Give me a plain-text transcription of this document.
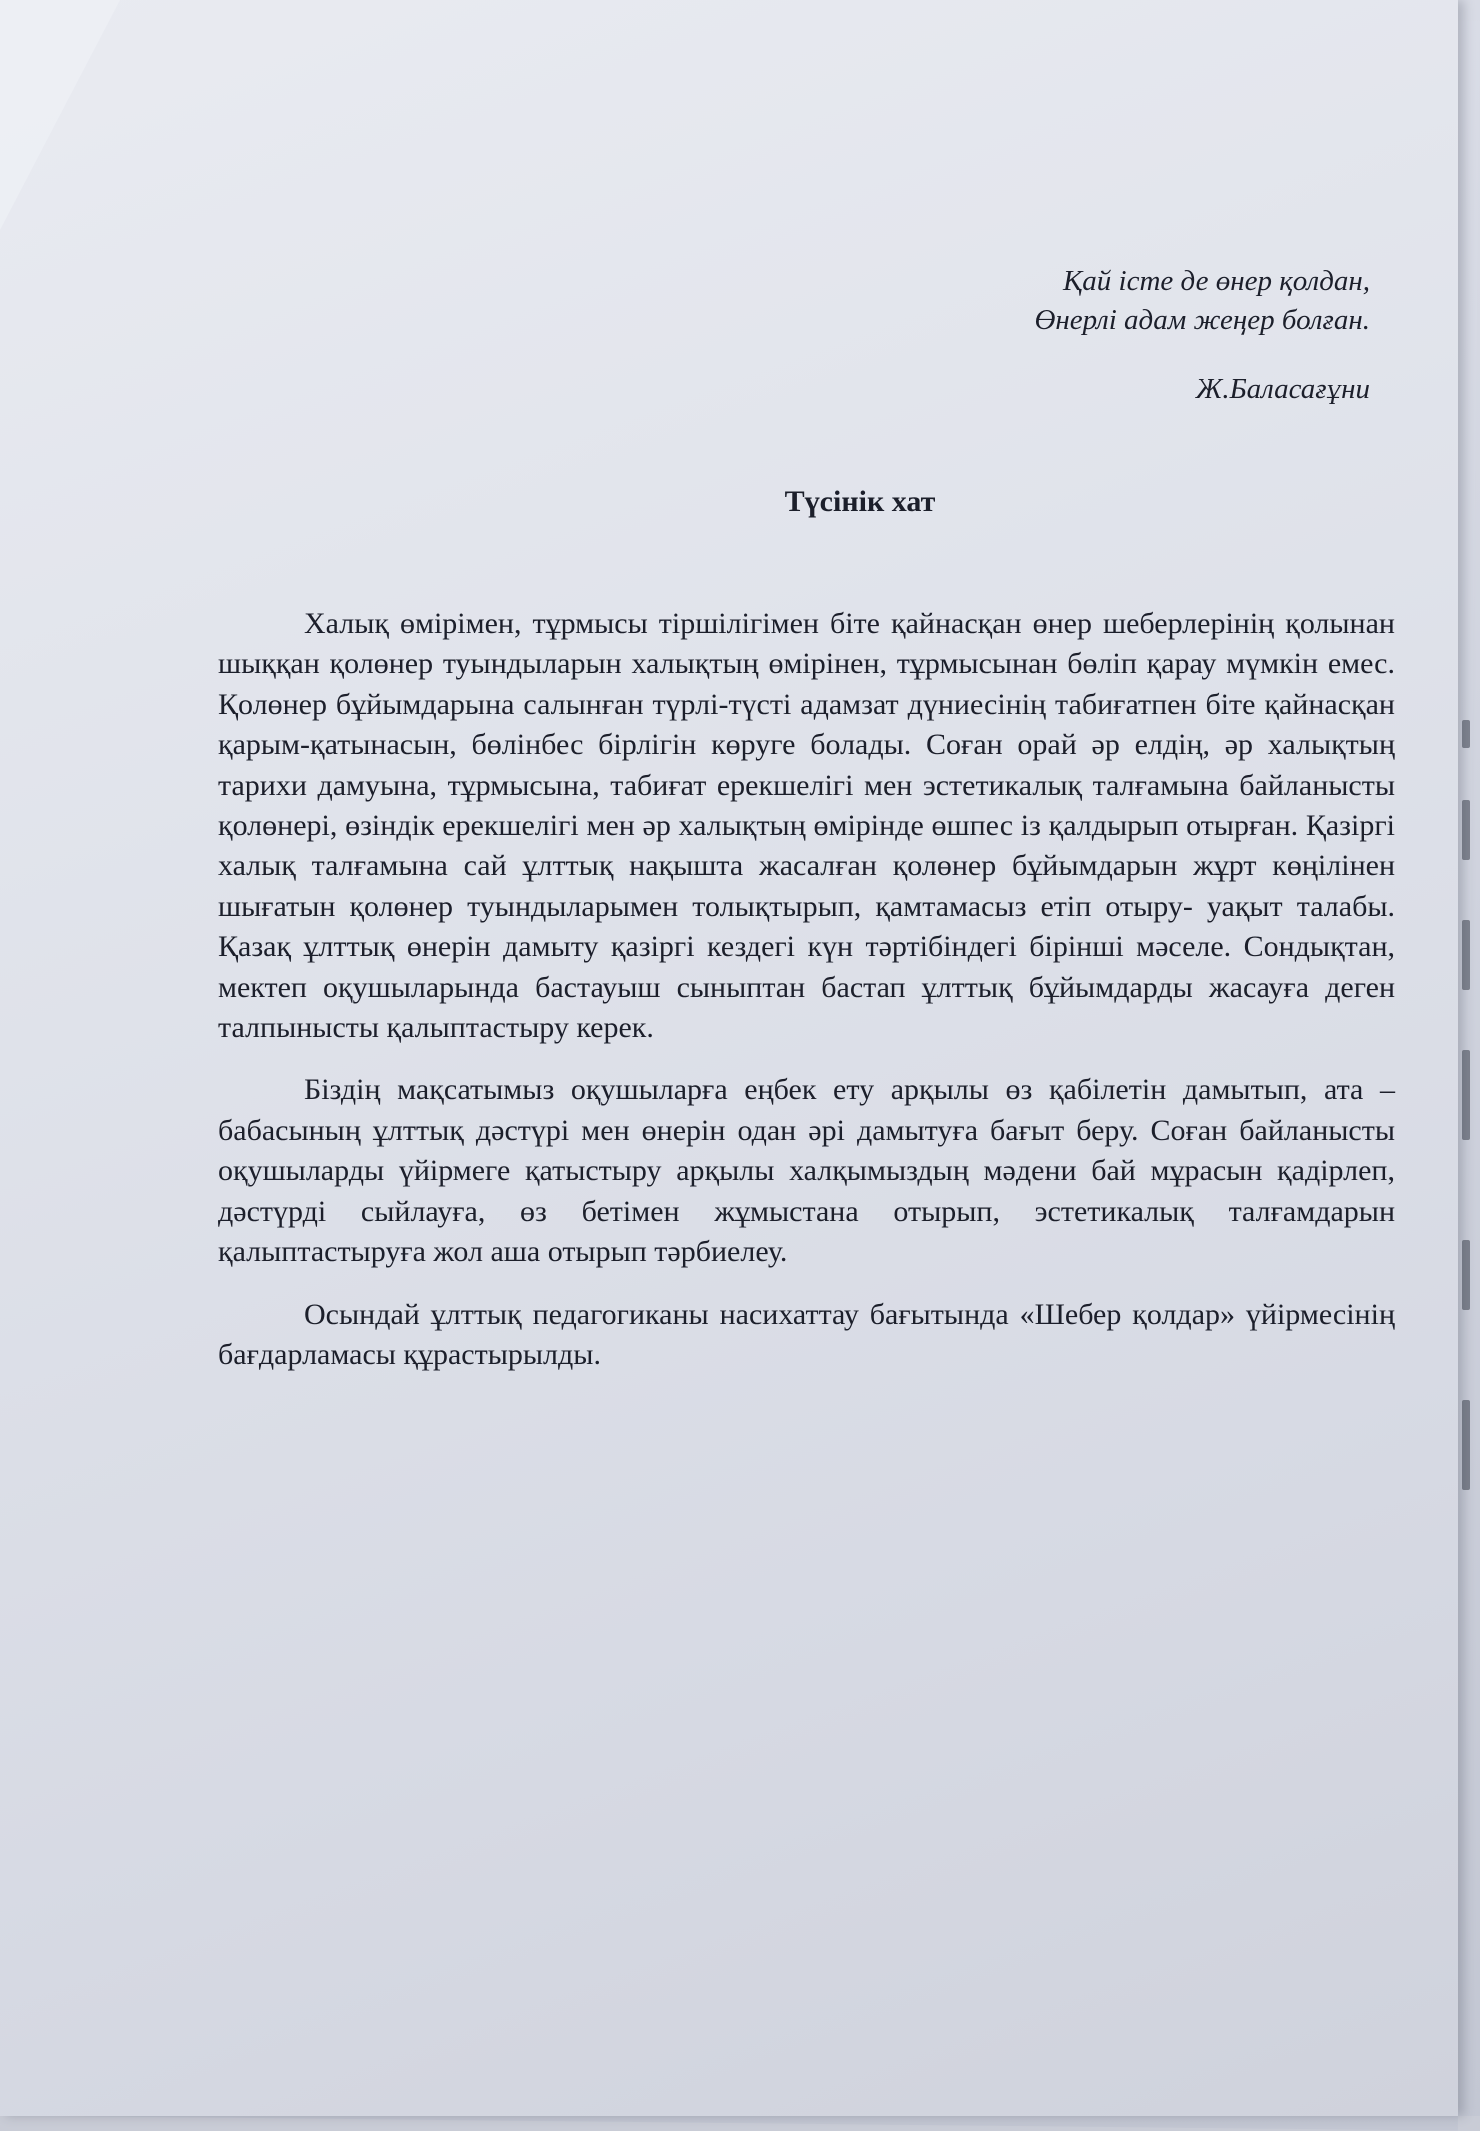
Қай істе де өнер қолдан,
Өнерлі адам жеңер болған.
Ж.Баласағұни
Түсінік хат

Халық өмірімен, тұрмысы тіршілігімен біте қайнасқан өнер шеберлерінің қолынан шыққан қолөнер туындыларын халықтың өмірінен, тұрмысынан бөліп қарау мүмкін емес. Қолөнер бұйымдарына салынған түрлі-түсті адамзат дүниесінің табиғатпен біте қайнасқан қарым-қатынасын, бөлінбес бірлігін көруге болады. Соған орай әр елдің, әр халықтың тарихи дамуына, тұрмысына, табиғат ерекшелігі мен эстетикалық талғамына байланысты қолөнері, өзіндік ерекшелігі мен әр халықтың өмірінде өшпес із қалдырып отырған. Қазіргі халық талғамына сай ұлттық нақышта жасалған қолөнер бұйымдарын жұрт көңілінен шығатын қолөнер туындыларымен толықтырып, қамтамасыз етіп отыру- уақыт талабы. Қазақ ұлттық өнерін дамыту қазіргі кездегі күн тәртібіндегі бірінші мәселе. Сондықтан, мектеп оқушыларында бастауыш сыныптан бастап ұлттық бұйымдарды жасауға деген талпынысты қалыптастыру керек.

Біздің мақсатымыз оқушыларға еңбек ету арқылы өз қабілетін дамытып, ата – бабасының ұлттық дәстүрі мен өнерін одан әрі дамытуға бағыт беру. Соған байланысты оқушыларды үйірмеге қатыстыру арқылы халқымыздың мәдени бай мұрасын қадірлеп, дәстүрді сыйлауға, өз бетімен жұмыстана отырып, эстетикалық талғамдарын қалыптастыруға жол аша отырып тәрбиелеу.

Осындай ұлттық педагогиканы насихаттау бағытында «Шебер қолдар» үйірмесінің бағдарламасы құрастырылды.
